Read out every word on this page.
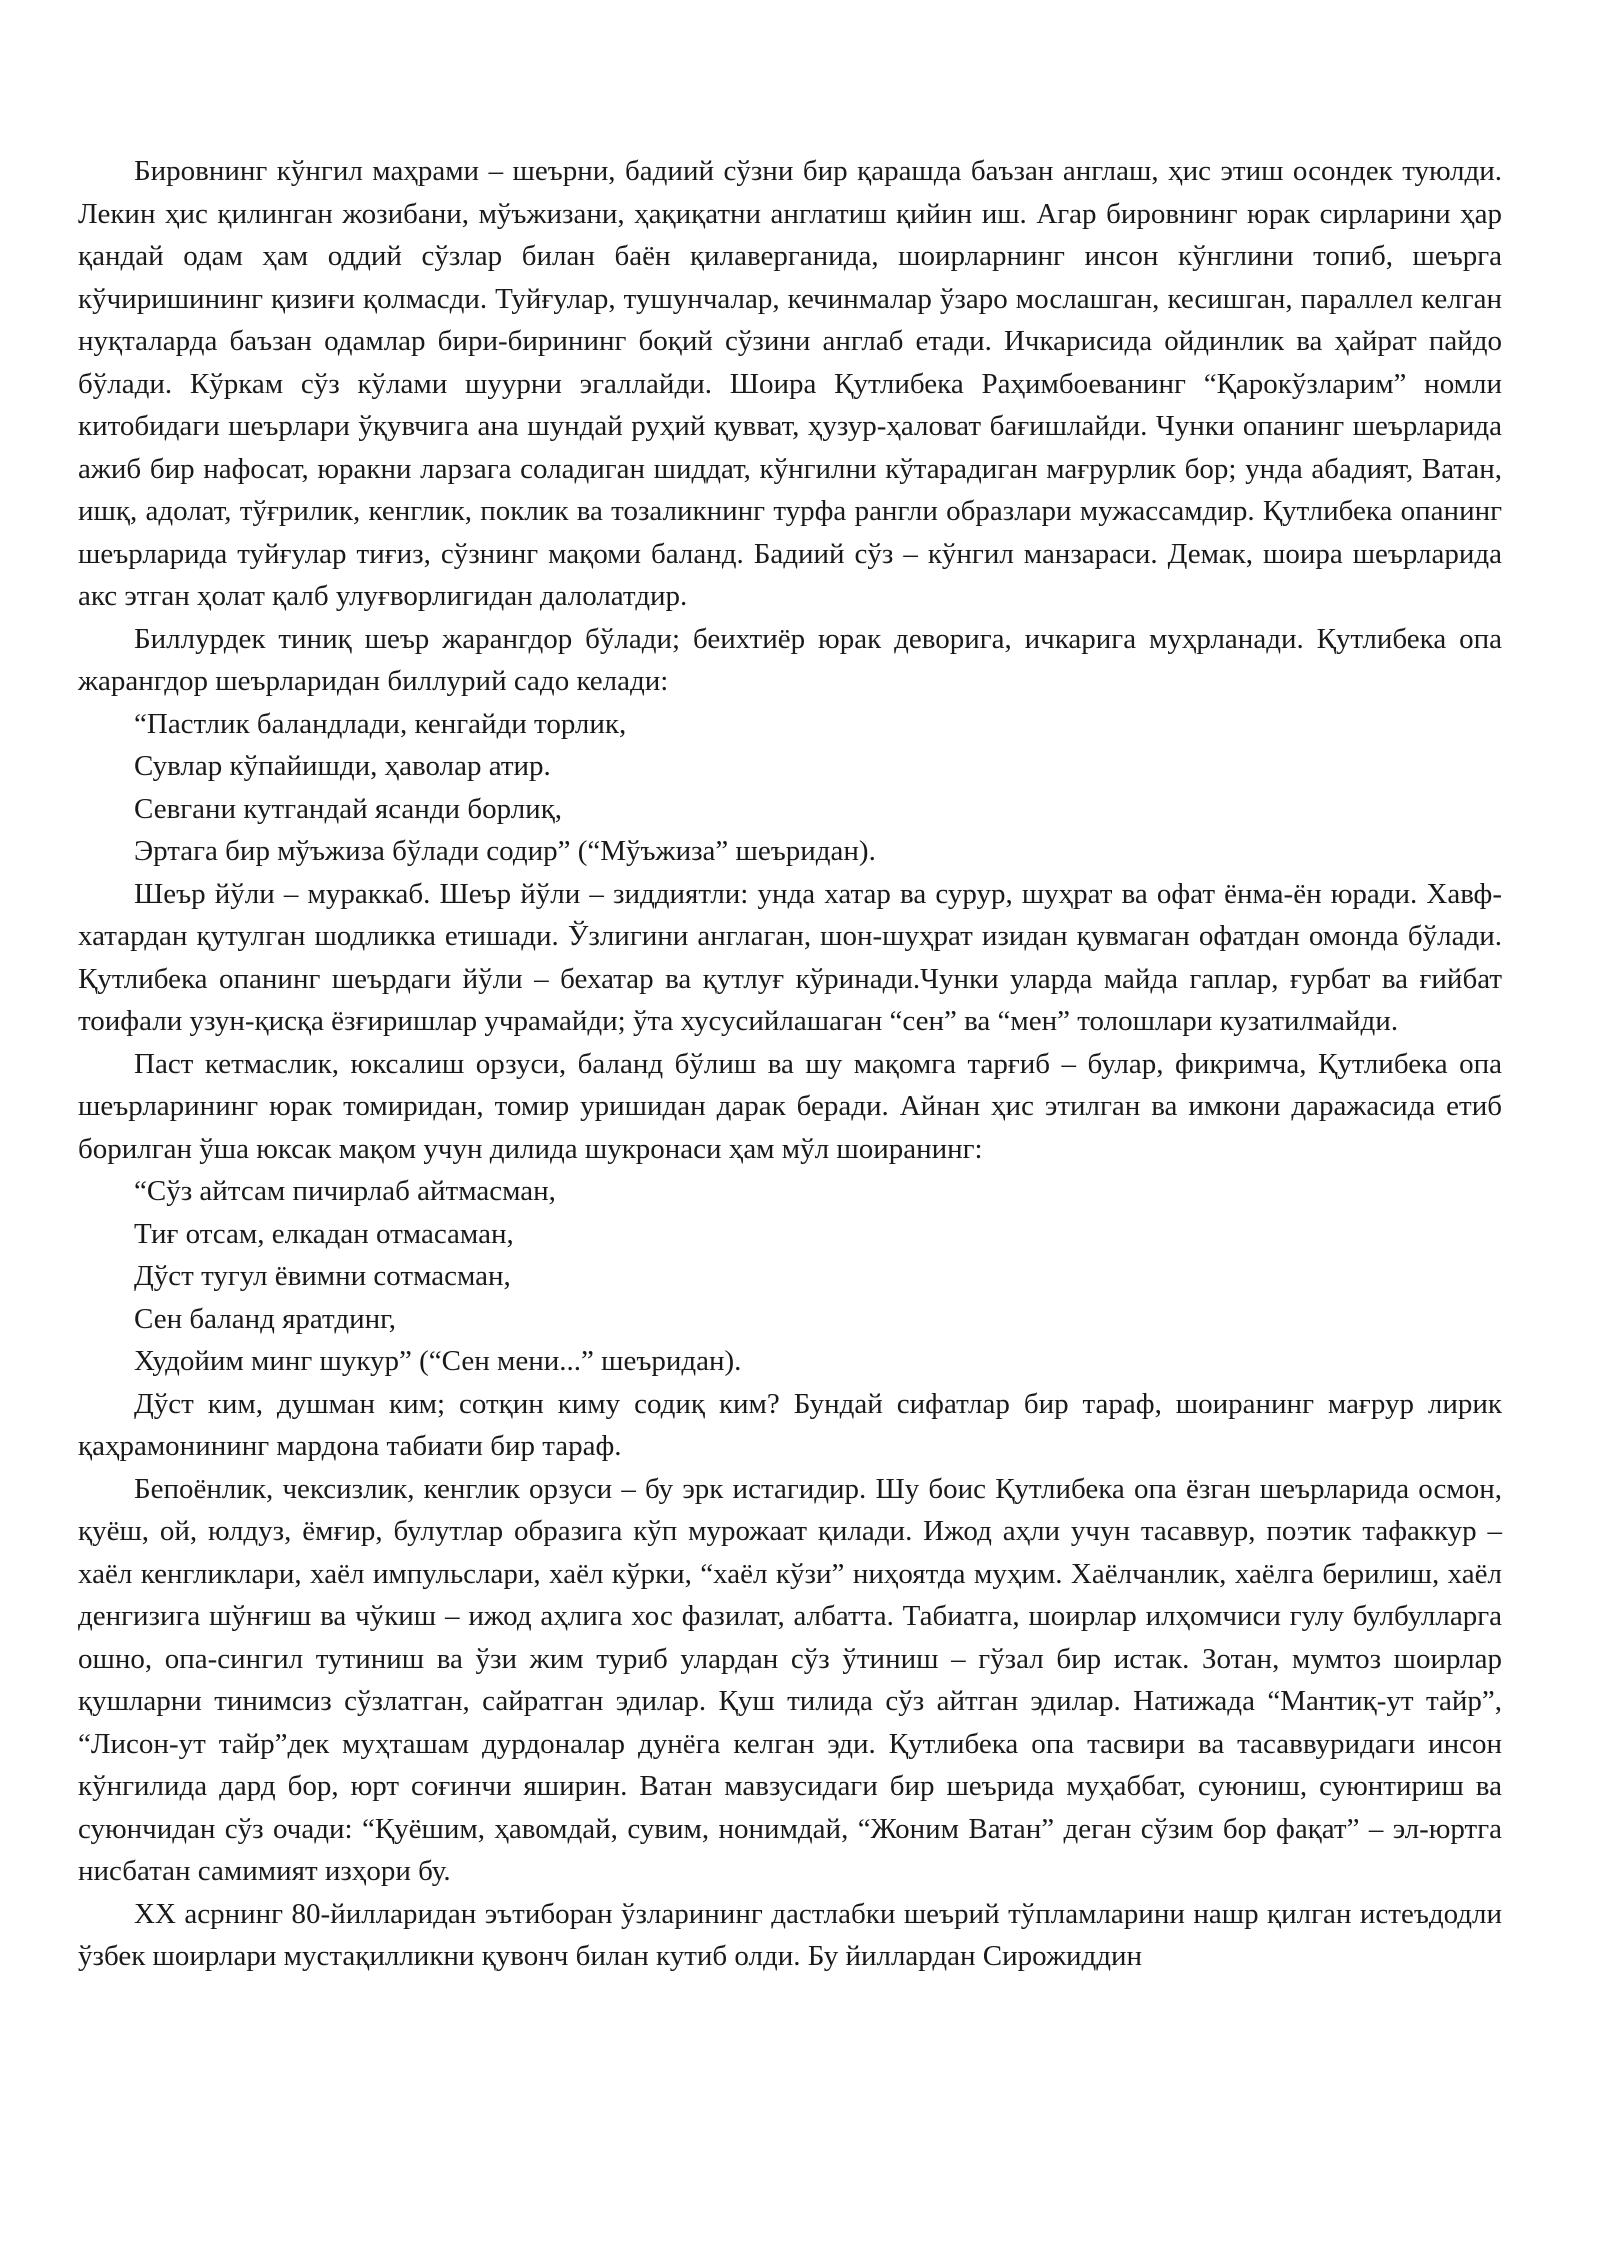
Бировнинг кўнгил маҳрами – шеърни, бадиий сўзни бир қарашда баъзан англаш, ҳис этиш осондек туюлди. Лекин ҳис қилинган жозибани, мўъжизани, ҳақиқатни англатиш қийин иш. Агар бировнинг юрак сирларини ҳар қандай одам ҳам оддий сўзлар билан баён қилаверганида, шоирларнинг инсон кўнглини топиб, шеърга кўчиришининг қизиғи қолмасди. Туйғулар, тушунчалар, кечинмалар ўзаро мослашган, кесишган, параллел келган нуқталарда баъзан одамлар бири-бирининг боқий сўзини англаб етади. Ичкарисида ойдинлик ва ҳайрат пайдо бўлади. Кўркам сўз кўлами шуурни эгаллайди. Шоира Қутлибека Раҳимбоеванинг “Қарокўзларим” номли китобидаги шеърлари ўқувчига ана шундай руҳий қувват, ҳузур-ҳаловат бағишлайди. Чунки опанинг шеърларида ажиб бир нафосат, юракни ларзага соладиган шиддат, кўнгилни кўтарадиган мағрурлик бор; унда абадият, Ватан, ишқ, адолат, тўғрилик, кенглик, поклик ва тозаликнинг турфа рангли образлари мужассамдир. Қутлибека опанинг шеърларида туйғулар тиғиз, сўзнинг мақоми баланд. Бадиий сўз – кўнгил манзараси. Демак, шоира шеърларида акс этган ҳолат қалб улуғворлигидан далолатдир.

Биллурдек тиниқ шеър жарангдор бўлади; беихтиёр юрак деворига, ичкарига муҳрланади. Қутлибека опа жарангдор шеърларидан биллурий садо келади:

“Пастлик баландлади, кенгайди торлик,

Сувлар кўпайишди, ҳаволар атир.

Севгани кутгандай ясанди борлиқ,

Эртага бир мўъжиза бўлади содир” (“Мўъжиза” шеъридан).

Шеър йўли – мураккаб. Шеър йўли – зиддиятли: унда хатар ва сурур, шуҳрат ва офат ёнма-ён юради. Хавф-хатардан қутулган шодликка етишади. Ўзлигини англаган, шон-шуҳрат изидан қувмаган офатдан омонда бўлади. Қутлибека опанинг шеърдаги йўли – бехатар ва қутлуғ кўринади.Чунки уларда майда гаплар, ғурбат ва ғийбат тоифали узун-қисқа ёзғиришлар учрамайди; ўта хусусийлашаган “сен” ва “мен” толошлари кузатилмайди.

Паст кетмаслик, юксалиш орзуси, баланд бўлиш ва шу мақомга тарғиб – булар, фикримча, Қутлибека опа шеърларининг юрак томиридан, томир уришидан дарак беради. Айнан ҳис этилган ва имкони даражасида етиб борилган ўша юксак мақом учун дилида шукронаси ҳам мўл шоиранинг:

“Сўз айтсам пичирлаб айтмасман,

Тиғ отсам, елкадан отмасаман,

Дўст тугул ёвимни сотмасман,

Сен баланд яратдинг,

Худойим минг шукур” (“Сен мени...” шеъридан).

Дўст ким, душман ким; сотқин киму содиқ ким? Бундай сифатлар бир тараф, шоиранинг мағрур лирик қаҳрамонининг мардона табиати бир тараф.

Бепоёнлик, чексизлик, кенглик орзуси – бу эрк истагидир. Шу боис Қутлибека опа ёзган шеърларида осмон, қуёш, ой, юлдуз, ёмғир, булутлар образига кўп мурожаат қилади. Ижод аҳли учун тасаввур, поэтик тафаккур – хаёл кенгликлари, хаёл импульслари, хаёл кўрки, “хаёл кўзи” ниҳоятда муҳим. Хаёлчанлик, хаёлга берилиш, хаёл денгизига шўнғиш ва чўкиш – ижод аҳлига хос фазилат, албатта. Табиатга, шоирлар илҳомчиси гулу булбулларга ошно, опа-сингил тутиниш ва ўзи жим туриб улардан сўз ўтиниш – гўзал бир истак. Зотан, мумтоз шоирлар қушларни тинимсиз сўзлатган, сайратган эдилар. Қуш тилида сўз айтган эдилар. Натижада “Мантиқ-ут тайр”, “Лисон-ут тайр”дек муҳташам дурдоналар дунёга келган эди. Қутлибека опа тасвири ва тасаввуридаги инсон кўнгилида дард бор, юрт соғинчи яширин. Ватан мавзусидаги бир шеърида муҳаббат, суюниш, суюнтириш ва суюнчидан сўз очади: “Қуёшим, ҳавомдай, сувим, нонимдай, “Жоним Ватан” деган сўзим бор фақат” – эл-юртга нисбатан самимият изҳори бу.

XX асрнинг 80-йилларидан эътиборан ўзларининг дастлабки шеърий тўпламларини нашр қилган истеъдодли ўзбек шоирлари мустақилликни қувонч билан кутиб олди. Бу йиллардан Сирожиддин
